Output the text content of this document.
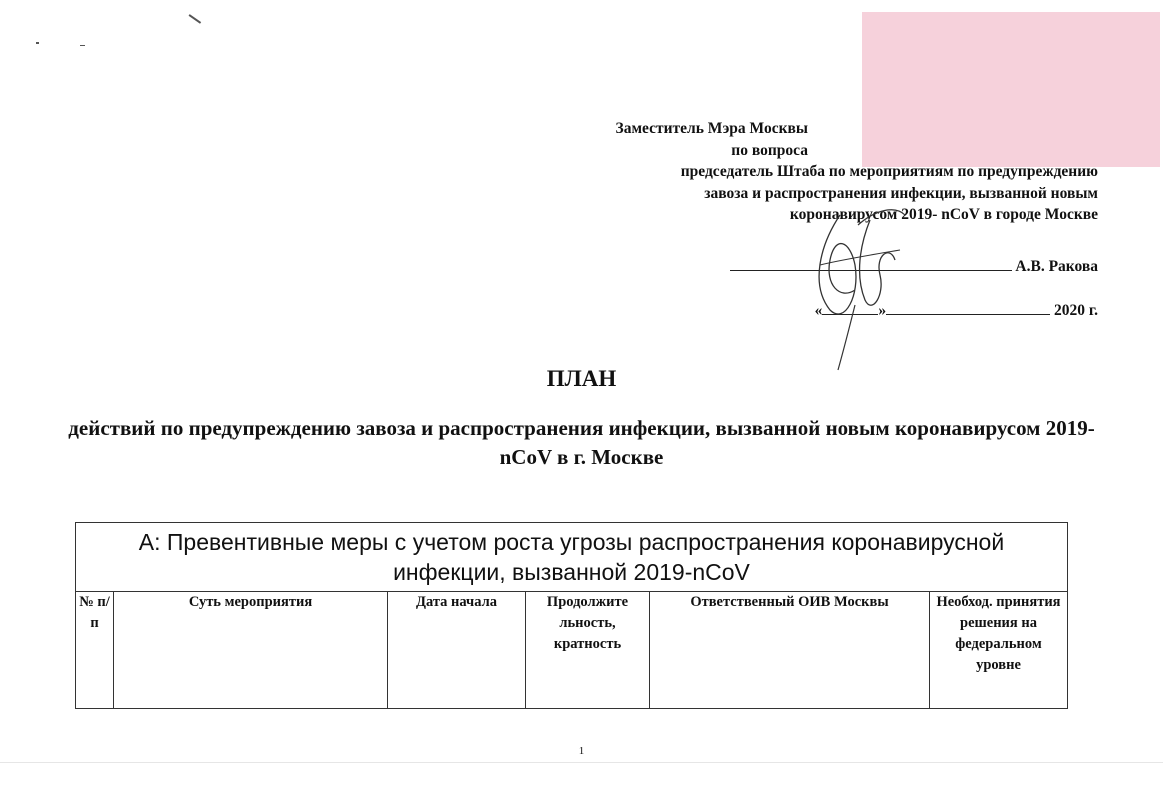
Заместитель Мэра Москвы
по вопроса
председатель Штаба по мероприятиям по предупреждению
завоза и распространения инфекции, вызванной новым
коронавирусом 2019- nCoV в городе Москве
А.В. Ракова
«	»	2020 г.
ПЛАН
действий по предупреждению завоза и распространения инфекции, вызванной новым коронавирусом 2019-nCoV в г. Москве
А: Превентивные меры с учетом роста угрозы распространения коронавирусной инфекции, вызванной 2019-nCoV
№ п/ п	Суть мероприятия	Дата начала	Продолжите льность, кратность	Ответственный ОИВ Москвы	Необход. принятия решения на федеральном уровне
1
